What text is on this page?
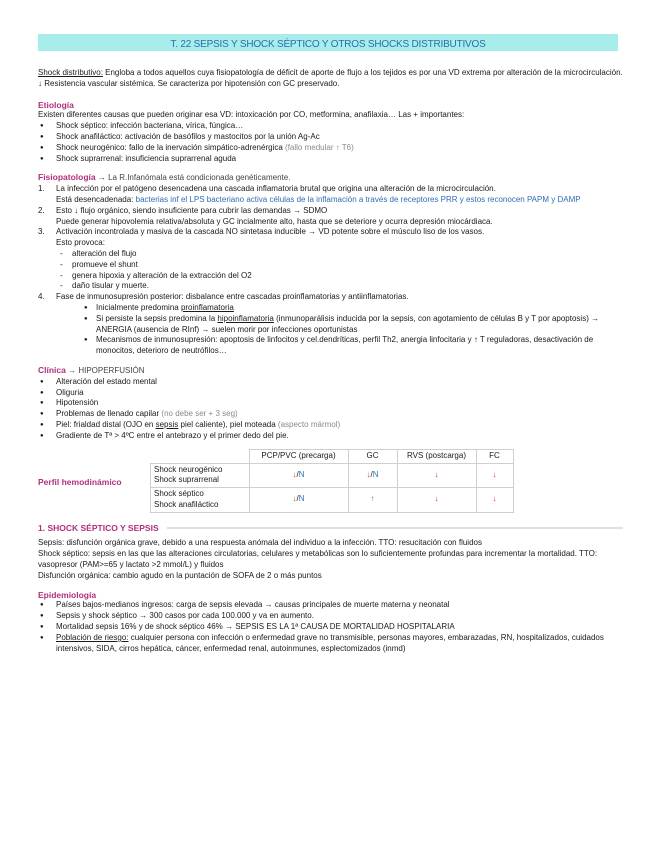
T. 22 SEPSIS Y SHOCK SÉPTICO Y OTROS SHOCKS DISTRIBUTIVOS

Shock distributivo: Engloba a todos aquellos cuya fisiopatología de déficit de aporte de flujo a los tejidos es por una VD extrema por alteración de la microcirculación. ↓ Resistencia vascular sistémica. Se caracteriza por hipotensión con GC preservado.

Etiología

Existen diferentes causas que pueden originar esa VD: intoxicación por CO, metformina, anafilaxia… Las + importantes:

● Shock séptico: infección bacteriana, vírica, fúngica…
● Shock anafiláctico: activación de basófilos y mastocitos por la unión Ag-Ac
● Shock neurogénico: fallo de la inervación simpático-adrenérgica (fallo medular ↑ T6)
● Shock suprarrenal: insuficiencia suprarrenal aguda
Fisiopatología → La R.Infanómala está condicionada genéticamente.
1. La infección por el patógeno desencadena una cascada inflamatoria brutal que origina una alteración de la microcirculación.
Está desencadenada: bacterias inf el LPS bacteriano activa células de la inflamación a través de receptores PRR y estos reconocen PAPM y DAMP
2. Esto ↓ flujo orgánico, siendo insuficiente para cubrir las demandas → SDMO
Puede generar hipovolemia relativa/absoluta y GC incialmente alto, hasta que se deteriore y ocurra depresión miocárdiaca.
3. Activación incontrolada y masiva de la cascada NO sintetasa inducible → VD potente sobre el músculo liso de los vasos.
Esto provoca:
- alteración del flujo
- promueve el shunt
- genera hipoxia y alteración de la extracción del O2
- daño tisular y muerte.
4. Fase de inmunosupresión posterior: disbalance entre cascadas proinflamatorias y antiinflamatorias.
● Inicialmente predomina proinflamatoria
● Si persiste la sepsis predomina la hipoinflamatoria (inmunoparálisis inducida por la sepsis, con agotamiento de células B y T por apoptosis) → ANERGIA (ausencia de RInf) → suelen morir por infecciones oportunistas
● Mecanismos de inmunosupresión: apoptosis de linfocitos y cel.dendríticas, perfil Th2, anergia linfocitaria y ↑ T reguladoras, desactivación de monocitos, deterioro de neutrófilos…
Clínica → HIPOPERFUSIÓN
● Alteración del estado mental
● Oliguria
● Hipotensión
● Problemas de llenado capilar (no debe ser + 3 seg)
● Piel: frialdad distal (OJO en sepsis piel caliente), piel moteada (aspecto mármol)
● Gradiente de Tª > 4ºC entre el antebrazo y el primer dedo del pie.
Perfil hemodinámico
	PCP/PVC (precarga)	GC	RVS (postcarga)	FC

Shock neurogénico
Shock suprarrenal	↓/N	↓/N	↓	↓

Shock séptico
Shock anafiláctico	↓/N	↑	↓	↓
1. SHOCK SÉPTICO Y SEPSIS

Sepsis: disfunción orgánica grave, debido a una respuesta anómala del individuo a la infección. TTO: resucitación con fluidos

Shock séptico: sepsis en las que las alteraciones circulatorias, celulares y metabólicas son lo suficientemente profundas para incrementar la mortalidad. TTO: vasopresor (PAM>=65 y lactato >2 mmol/L) y fluidos

Disfunción orgánica: cambio agudo en la puntación de SOFA de 2 o más puntos

Epidemiología
● Países bajos-medianos ingresos: carga de sepsis elevada → causas principales de muerte materna y neonatal
● Sepsis y shock séptico → 300 casos por cada 100.000 y va en aumento.
● Mortalidad sepsis 16% y de shock séptico 46% → SEPSIS ES LA 1ª CAUSA DE MORTALIDAD HOSPITALARIA
● Población de riesgo: cualquier persona con infección o enfermedad grave no transmisible, personas mayores, embarazadas, RN, hospitalizados, cuidados intensivos, SIDA, cirros hepática, cáncer, enfermedad renal, autoinmunes, esplectomizados (inmd)
